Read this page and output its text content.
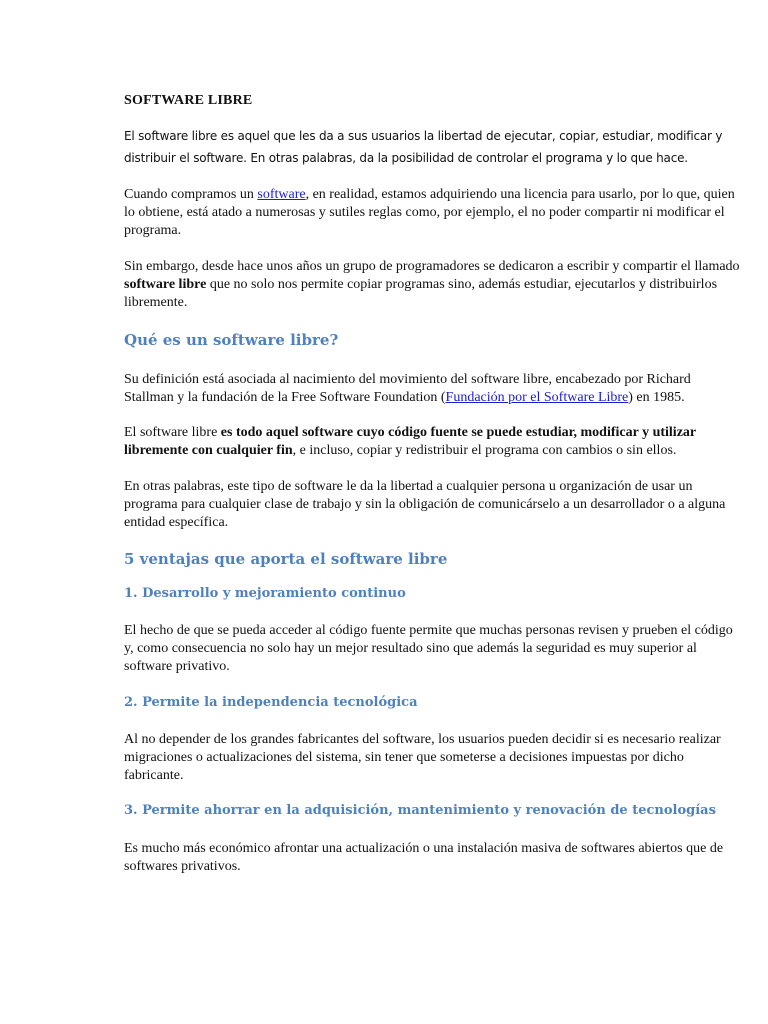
SOFTWARE LIBRE

El software libre es aquel que les da a sus usuarios la libertad de ejecutar, copiar, estudiar, modificar y distribuir el software. En otras palabras, da la posibilidad de controlar el programa y lo que hace.

Cuando compramos un software, en realidad, estamos adquiriendo una licencia para usarlo, por lo que, quien lo obtiene, está atado a numerosas y sutiles reglas como, por ejemplo, el no poder compartir ni modificar el programa.

Sin embargo, desde hace unos años un grupo de programadores se dedicaron a escribir y compartir el llamado software libre que no solo nos permite copiar programas sino, además estudiar, ejecutarlos y distribuirlos libremente.

Qué es un software libre?

Su definición está asociada al nacimiento del movimiento del software libre, encabezado por Richard Stallman y la fundación de la Free Software Foundation (Fundación por el Software Libre) en 1985.

El software libre es todo aquel software cuyo código fuente se puede estudiar, modificar y utilizar libremente con cualquier fin, e incluso, copiar y redistribuir el programa con cambios o sin ellos.

En otras palabras, este tipo de software le da la libertad a cualquier persona u organización de usar un programa para cualquier clase de trabajo y sin la obligación de comunicárselo a un desarrollador o a alguna entidad específica.

5 ventajas que aporta el software libre
1. Desarrollo y mejoramiento continuo

El hecho de que se pueda acceder al código fuente permite que muchas personas revisen y prueben el código y, como consecuencia no solo hay un mejor resultado sino que además la seguridad es muy superior al software privativo.

2. Permite la independencia tecnológica

Al no depender de los grandes fabricantes del software, los usuarios pueden decidir si es necesario realizar migraciones o actualizaciones del sistema, sin tener que someterse a decisiones impuestas por dicho fabricante.

3. Permite ahorrar en la adquisición, mantenimiento y renovación de tecnologías

Es mucho más económico afrontar una actualización o una instalación masiva de softwares abiertos que de softwares privativos.
